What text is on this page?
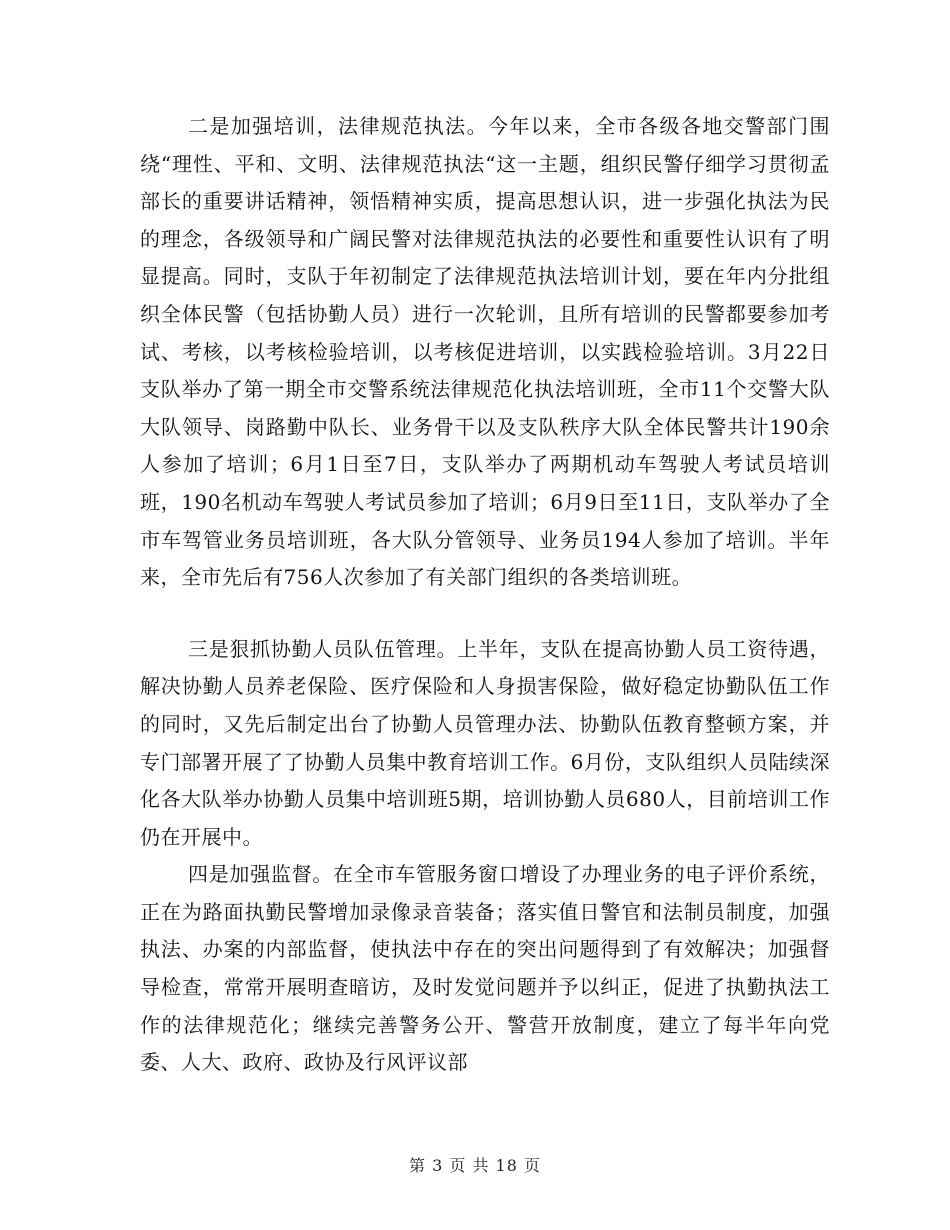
二是加强培训，法律规范执法。今年以来，全市各级各地交警部门围绕“理性、平和、文明、法律规范执法“这一主题，组织民警仔细学习贯彻孟部长的重要讲话精神，领悟精神实质，提高思想认识，进一步强化执法为民的理念，各级领导和广阔民警对法律规范执法的必要性和重要性认识有了明显提高。同时，支队于年初制定了法律规范执法培训计划，要在年内分批组织全体民警（包括协勤人员）进行一次轮训，且所有培训的民警都要参加考试、考核，以考核检验培训，以考核促进培训，以实践检验培训。3月22日支队举办了第一期全市交警系统法律规范化执法培训班，全市11个交警大队大队领导、岗路勤中队长、业务骨干以及支队秩序大队全体民警共计190余人参加了培训；6月1日至7日，支队举办了两期机动车驾驶人考试员培训班，190名机动车驾驶人考试员参加了培训；6月9日至11日，支队举办了全市车驾管业务员培训班，各大队分管领导、业务员194人参加了培训。半年来，全市先后有756人次参加了有关部门组织的各类培训班。

三是狠抓协勤人员队伍管理。上半年，支队在提高协勤人员工资待遇，解决协勤人员养老保险、医疗保险和人身损害保险，做好稳定协勤队伍工作的同时，又先后制定出台了协勤人员管理办法、协勤队伍教育整顿方案，并专门部署开展了了协勤人员集中教育培训工作。6月份，支队组织人员陆续深化各大队举办协勤人员集中培训班5期，培训协勤人员680人，目前培训工作仍在开展中。

四是加强监督。在全市车管服务窗口增设了办理业务的电子评价系统，正在为路面执勤民警增加录像录音装备；落实值日警官和法制员制度，加强执法、办案的内部监督，使执法中存在的突出问题得到了有效解决；加强督导检查，常常开展明查暗访，及时发觉问题并予以纠正，促进了执勤执法工作的法律规范化；继续完善警务公开、警营开放制度，建立了每半年向党委、人大、政府、政协及行风评议部

第 3 页 共 18 页
